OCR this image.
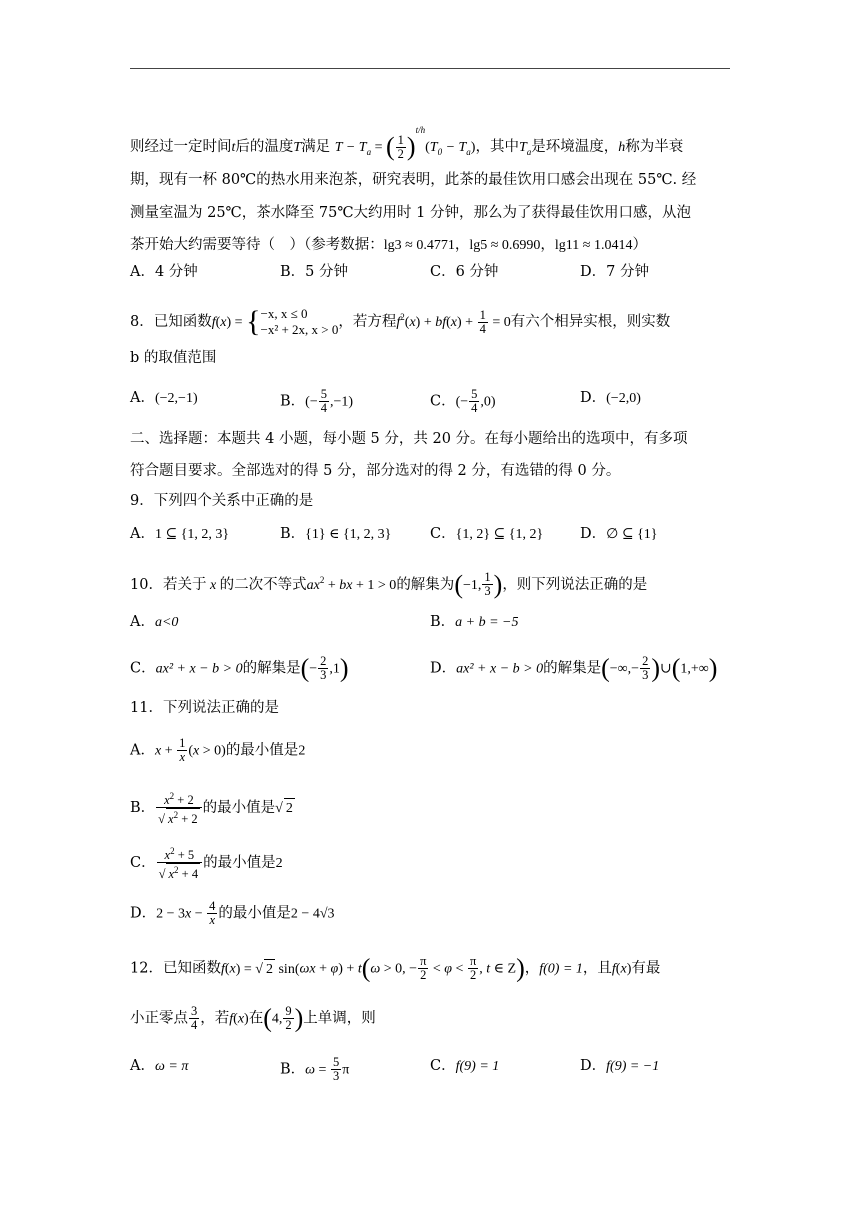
则经过一定时间t后的温度T满足 $T - T_a$ = ( $\frac{1}{2} )^{t/h}(T_0 - T_a)$，其中$T_a$是环境温度，h称为半衰
期，现有一杯 80℃的热水用来泡茶，研究表明，此茶的最佳饮用口感会出现在 55℃. 经
测量室温为 25℃，茶水降至 75℃大约用时 1 分钟，那么为了获得最佳饮用口感，从泡
茶开始大约需要等待（　）（参考数据：lg3 ≈ 0.4771，lg5 ≈ 0.6990，lg11 ≈ 1.0414）
A．4 分钟	B．5 分钟	C．6 分钟	D．7 分钟
8．已知函数f(x) = { −x, x ≤ 0
−x² + 2x, x > 0 ，若方程$f^2(x) + bf(x) + \frac{1}{4} = 0$有六个相异实根，则实数
b 的取值范围
A．(−2,−1)	B．(− $\frac{5}{4} ,-1$)	C．(− $\frac{5}{4} ,0$)	D．(−2,0)
二、选择题：本题共 4 小题，每小题 5 分，共 20 分。在每小题给出的选项中，有多项
符合题目要求。全部选对的得 5 分，部分选对的得 2 分，有选错的得 0 分。
9．下列四个关系中正确的是
A．1 ⊆ {1, 2, 3}	B．{1} ∈ {1, 2, 3}	C．{1, 2} ⊆ {1, 2}	D．∅ ⊆ {1}
10．若关于 x 的二次不等式$ax^2$ + bx + 1 > 0的解集为(−1, $\frac{1}{3}$ )，则下列说法正确的是
A．a<0	B．a + b = −5
C．ax² + x − b > 0的解集是(− $\frac{2}{3} ,1$)	D．ax² + x − b > 0的解集是(−∞,− $\frac{2}{3}$ )∪(1,+∞)
11．下列说法正确的是
A．$x + \frac{1}{x} (x > 0)$的最小值是2
B． $\frac{x^2 + 2}{√ x^2 + 2}$ 的最小值是√ 2
C． $\frac{x^2 + 5}{√ x^2 + 4}$ 的最小值是2
D．$2 - 3x - \frac{4}{x}$ 的最小值是2 − 4√3
12．已知函数f(x) = √ 2 sin(ωx + φ) + t(ω > 0, − $\frac{\pi}{2} < \varphi < \frac{\pi}{2}$ , t ∈ Z)，f(0) = 1，且f(x)有最
小正零点 $\frac{3}{4}$ ，若f(x)在(4, $\frac{9}{2}$ )上单调，则
A．ω = π	B．$\omega = \frac{5}{3}$ π	C．f(9) = 1	D．f(9) = −1
